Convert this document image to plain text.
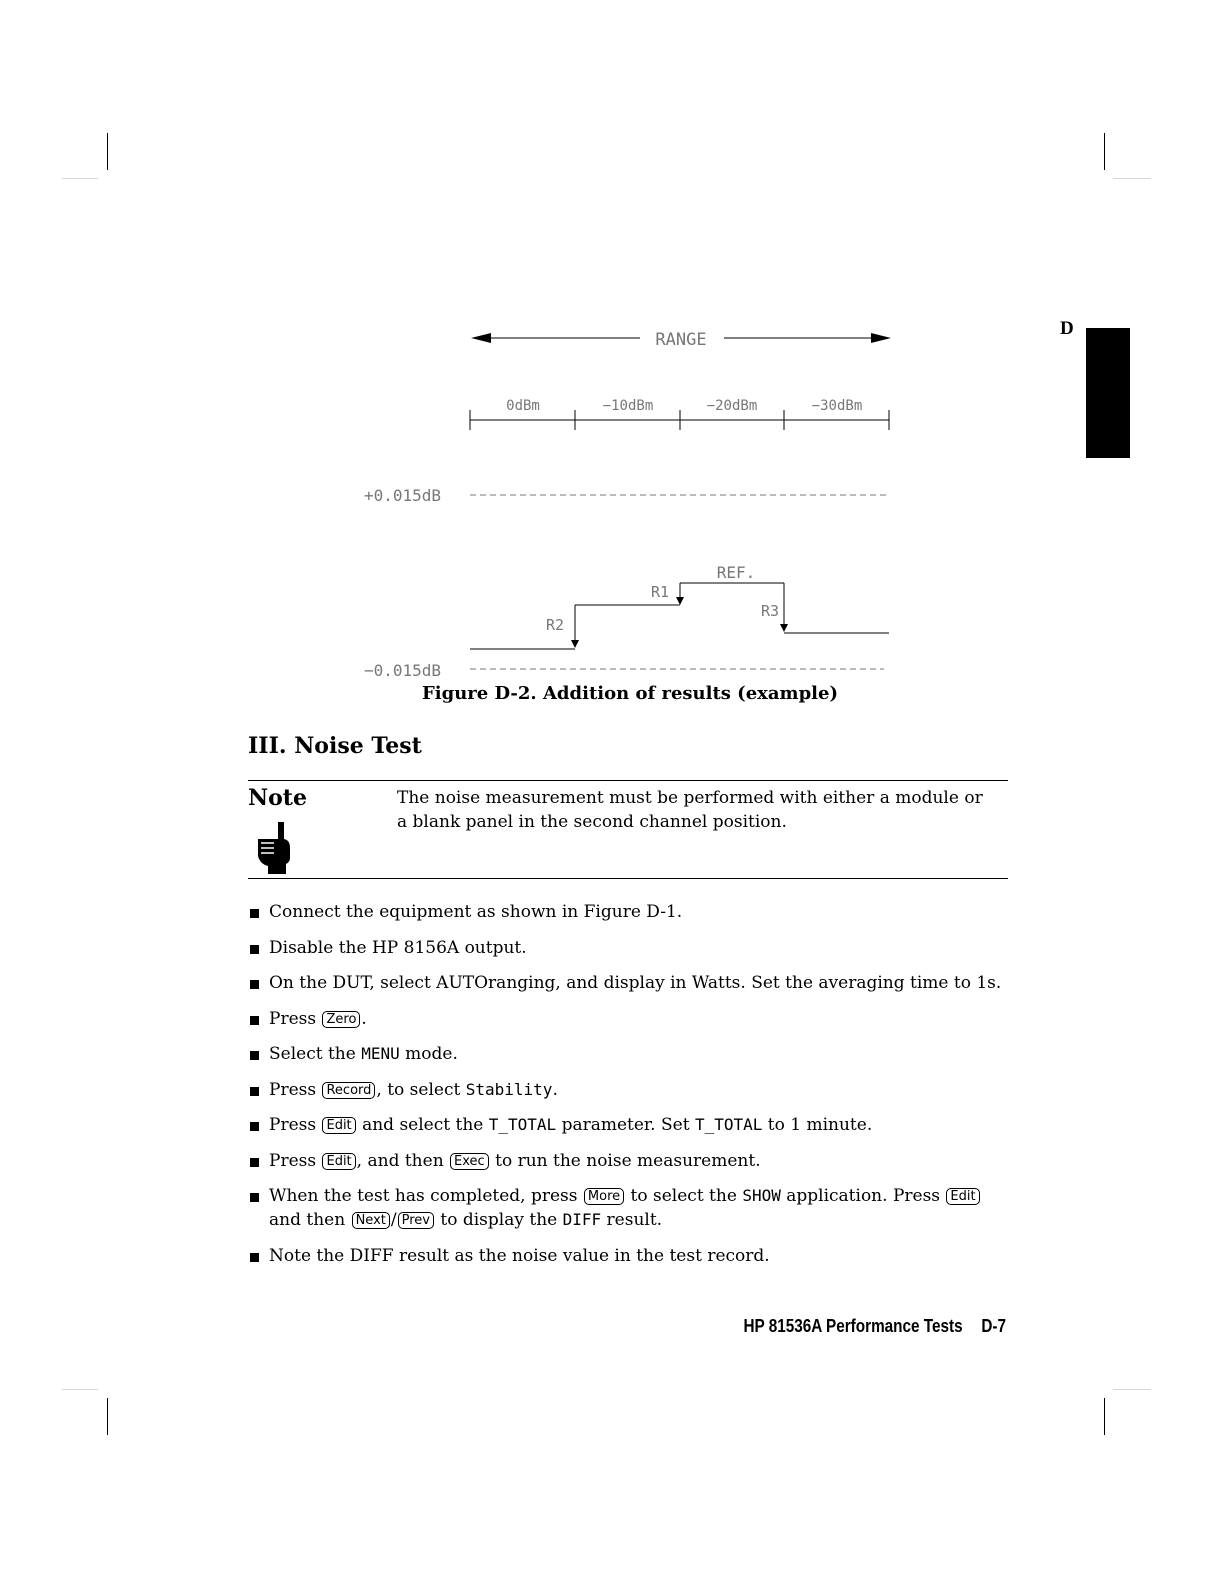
D
RANGE
0dBm	−10dBm	−20dBm	−30dBm
+0.015dB
−0.015dB
REF.
R1
R2
R3
Figure D-2. Addition of results (example)
III. Noise Test
Note	The noise measurement must be performed with either a module or a blank panel in the second channel position.
Connect the equipment as shown in Figure D-1.
Disable the HP 8156A output.
On the DUT, select AUTOranging, and display in Watts. Set the averaging time to 1s.
Press Zero .
Select the MENU mode.
Press Record , to select Stability.
Press Edit and select the T_TOTAL parameter. Set T_TOTAL to 1 minute.
Press Edit , and then Exec to run the noise measurement.
When the test has completed, press More to select the SHOW application. Press Edit and then Next / Prev to display the DIFF result.
Note the DIFF result as the noise value in the test record.
HP 81536A Performance Tests D-7
